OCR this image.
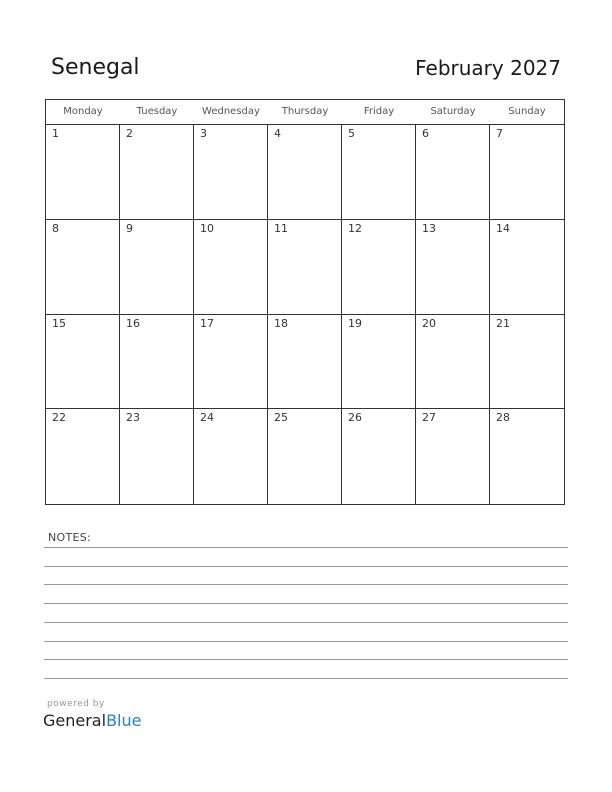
Senegal	February 2027
Monday	Tuesday	Wednesday	Thursday	Friday	Saturday	Sunday
1	2	3	4	5	6	7
8	9	10	11	12	13	14
15	16	17	18	19	20	21
22	23	24	25	26	27	28
NOTES:
powered by
GeneralBlue
